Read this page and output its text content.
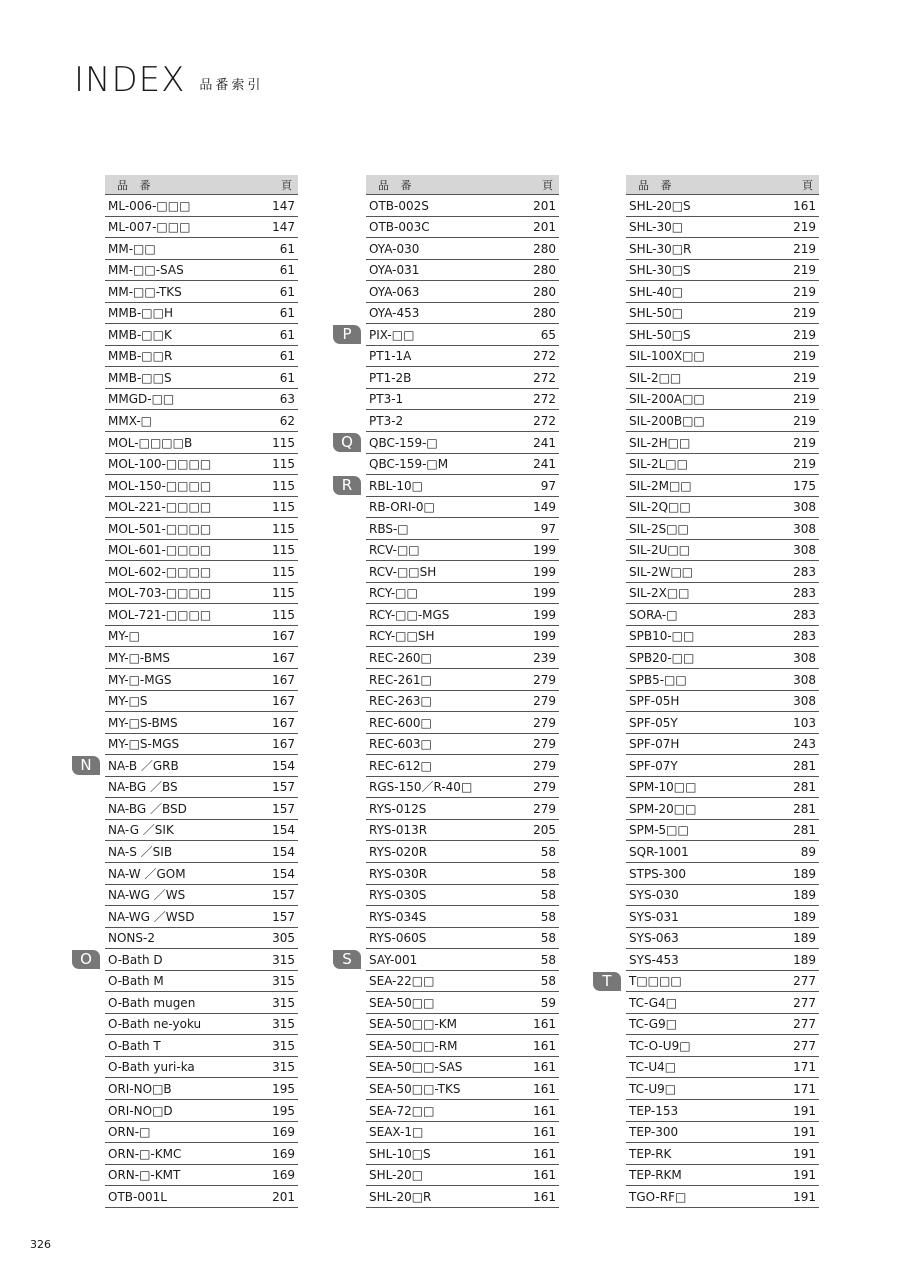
INDEX 品番索引
品 番	頁
ML-006-□□□	147
ML-007-□□□	147
MM-□□	61
MM-□□-SAS	61
MM-□□-TKS	61
MMB-□□H	61
MMB-□□K	61
MMB-□□R	61
MMB-□□S	61
MMGD-□□	63
MMX-□	62
MOL-□□□□B	115
MOL-100-□□□□	115
MOL-150-□□□□	115
MOL-221-□□□□	115
MOL-501-□□□□	115
MOL-601-□□□□	115
MOL-602-□□□□	115
MOL-703-□□□□	115
MOL-721-□□□□	115
MY-□	167
MY-□-BMS	167
MY-□-MGS	167
MY-□S	167
MY-□S-BMS	167
MY-□S-MGS	167
N	NA-B ／GRB	154
NA-BG ／BS	157
NA-BG ／BSD	157
NA-G ／SIK	154
NA-S ／SIB	154
NA-W ／GOM	154
NA-WG ／WS	157
NA-WG ／WSD	157
NONS-2	305
O	O-Bath D	315
O-Bath M	315
O-Bath mugen	315
O-Bath ne-yoku	315
O-Bath T	315
O-Bath yuri-ka	315
ORI-NO□B	195
ORI-NO□D	195
ORN-□	169
ORN-□-KMC	169
ORN-□-KMT	169
OTB-001L	201
品 番	頁
OTB-002S	201
OTB-003C	201
OYA-030	280
OYA-031	280
OYA-063	280
OYA-453	280
P	PIX-□□	65
PT1-1A	272
PT1-2B	272
PT3-1	272
PT3-2	272
Q	QBC-159-□	241
QBC-159-□M	241
R	RBL-10□	97
RB-ORI-0□	149
RBS-□	97
RCV-□□	199
RCV-□□SH	199
RCY-□□	199
RCY-□□-MGS	199
RCY-□□SH	199
REC-260□	239
REC-261□	279
REC-263□	279
REC-600□	279
REC-603□	279
REC-612□	279
RGS-150／R-40□	279
RYS-012S	279
RYS-013R	205
RYS-020R	58
RYS-030R	58
RYS-030S	58
RYS-034S	58
RYS-060S	58
S	SAY-001	58
SEA-22□□	58
SEA-50□□	59
SEA-50□□-KM	161
SEA-50□□-RM	161
SEA-50□□-SAS	161
SEA-50□□-TKS	161
SEA-72□□	161
SEAX-1□	161
SHL-10□S	161
SHL-20□	161
SHL-20□R	161
品 番	頁
SHL-20□S	161
SHL-30□	219
SHL-30□R	219
SHL-30□S	219
SHL-40□	219
SHL-50□	219
SHL-50□S	219
SIL-100X□□	219
SIL-2□□	219
SIL-200A□□	219
SIL-200B□□	219
SIL-2H□□	219
SIL-2L□□	219
SIL-2M□□	175
SIL-2Q□□	308
SIL-2S□□	308
SIL-2U□□	308
SIL-2W□□	283
SIL-2X□□	283
SORA-□	283
SPB10-□□	283
SPB20-□□	308
SPB5-□□	308
SPF-05H	308
SPF-05Y	103
SPF-07H	243
SPF-07Y	281
SPM-10□□	281
SPM-20□□	281
SPM-5□□	281
SQR-1001	89
STPS-300	189
SYS-030	189
SYS-031	189
SYS-063	189
SYS-453	189
T	T□□□□	277
TC-G4□	277
TC-G9□	277
TC-O-U9□	277
TC-U4□	171
TC-U9□	171
TEP-153	191
TEP-300	191
TEP-RK	191
TEP-RKM	191
TGO-RF□	191
326
